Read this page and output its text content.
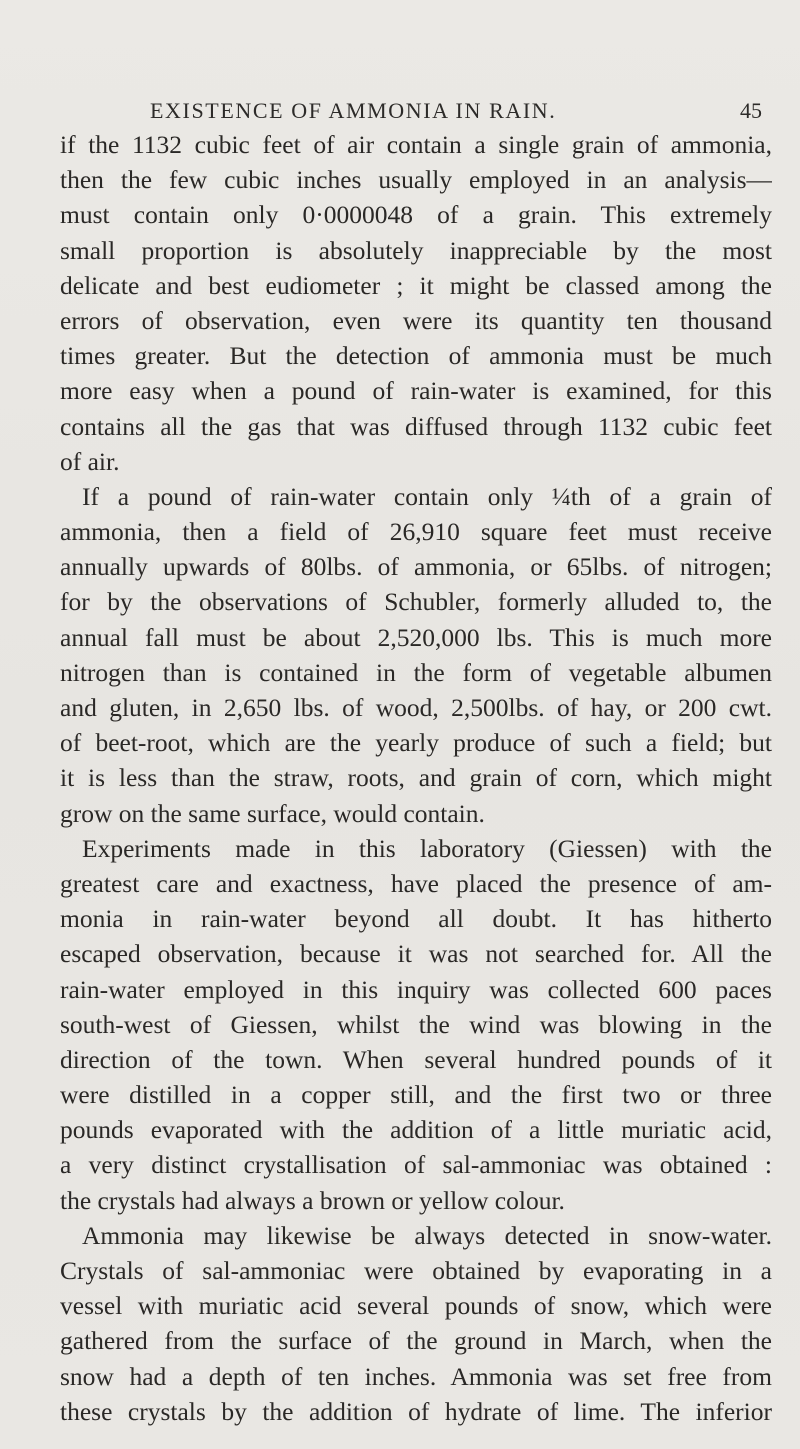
EXISTENCE OF AMMONIA IN RAIN.	45
if the 1132 cubic feet of air contain a single grain of ammonia,
then the few cubic inches usually employed in an analysis—
must contain only 0·0000048 of a grain. This extremely
small proportion is absolutely inappreciable by the most
delicate and best eudiometer ; it might be classed among the
errors of observation, even were its quantity ten thousand
times greater. But the detection of ammonia must be much
more easy when a pound of rain-water is examined, for this
contains all the gas that was diffused through 1132 cubic feet
of air.
If a pound of rain-water contain only ¼th of a grain of
ammonia, then a field of 26,910 square feet must receive
annually upwards of 80lbs. of ammonia, or 65lbs. of nitrogen;
for by the observations of Schubler, formerly alluded to, the
annual fall must be about 2,520,000 lbs. This is much more
nitrogen than is contained in the form of vegetable albumen
and gluten, in 2,650 lbs. of wood, 2,500lbs. of hay, or 200 cwt.
of beet-root, which are the yearly produce of such a field; but
it is less than the straw, roots, and grain of corn, which might
grow on the same surface, would contain.
Experiments made in this laboratory (Giessen) with the
greatest care and exactness, have placed the presence of am-
monia in rain-water beyond all doubt. It has hitherto
escaped observation, because it was not searched for. All the
rain-water employed in this inquiry was collected 600 paces
south-west of Giessen, whilst the wind was blowing in the
direction of the town. When several hundred pounds of it
were distilled in a copper still, and the first two or three
pounds evaporated with the addition of a little muriatic acid,
a very distinct crystallisation of sal-ammoniac was obtained :
the crystals had always a brown or yellow colour.
Ammonia may likewise be always detected in snow-water.
Crystals of sal-ammoniac were obtained by evaporating in a
vessel with muriatic acid several pounds of snow, which were
gathered from the surface of the ground in March, when the
snow had a depth of ten inches. Ammonia was set free from
these crystals by the addition of hydrate of lime. The inferior
